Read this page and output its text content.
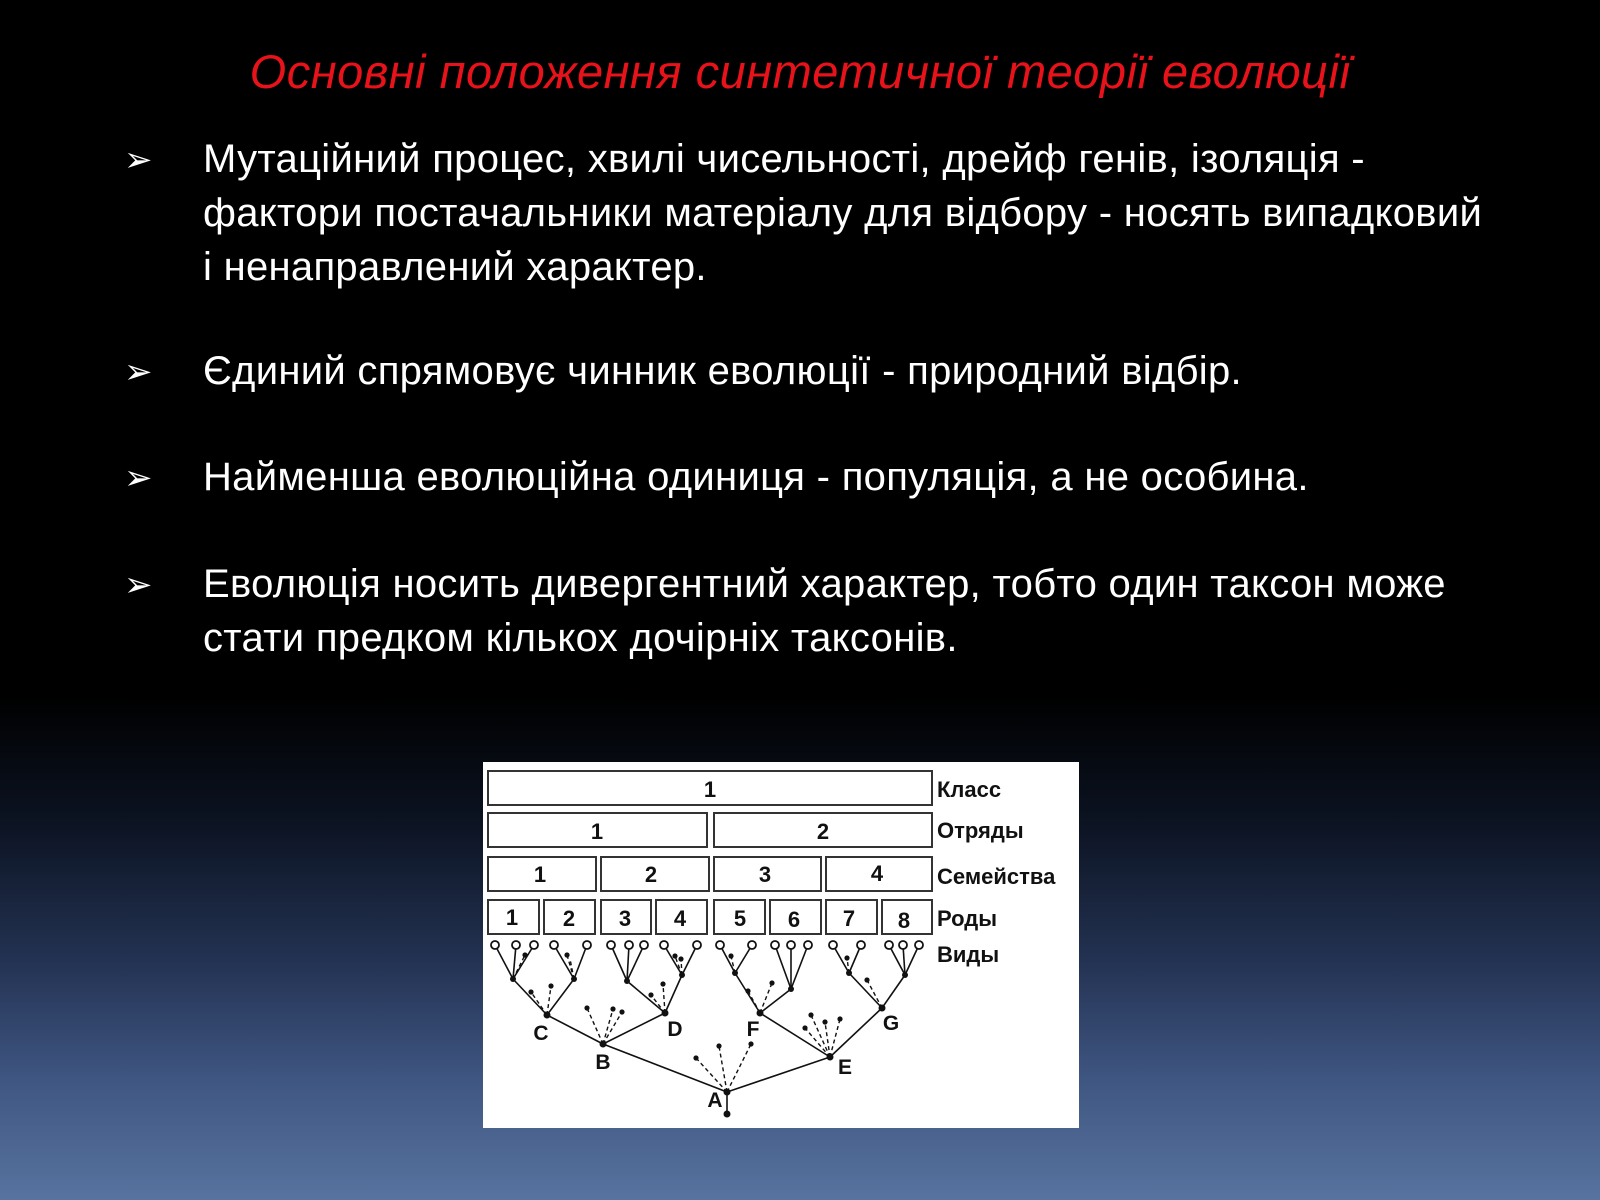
Основні положення синтетичної теорії еволюції
➢ Мутаційний процес, хвилі чисельності, дрейф генів, ізоляція - фактори постачальники матеріалу для відбору - носять випадковий і ненаправлений характер.
➢ Єдиний спрямовує чинник еволюції - природний відбір.
➢ Найменша еволюційна одиниця - популяція, а не особина.
➢ Еволюція носить дивергентний характер, тобто один таксон може стати предком кількох дочірніх таксонів.
1	Класс
1	2	Отряды
1	2	3	4 Семейства
1 2 3 4 5 6 7 8 Роды
Виды
A
B
C	D
E
F	G
